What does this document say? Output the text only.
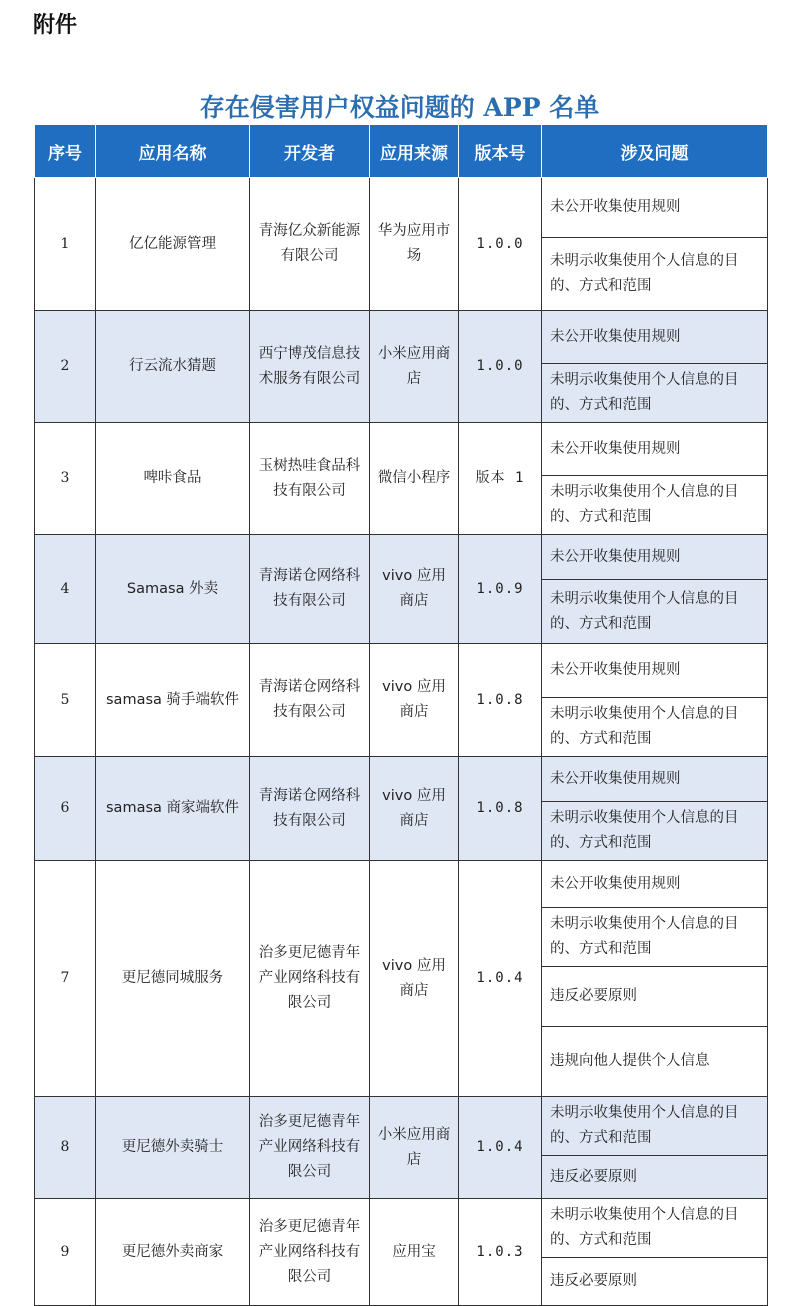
附件
存在侵害用户权益问题的 APP 名单
序号	应用名称	开发者	应用来源	版本号	涉及问题
1	亿亿能源管理	青海亿众新能源有限公司	华为应用市场	1.0.0	未公开收集使用规则
					未明示收集使用个人信息的目的、方式和范围
2	行云流水猜题	西宁博茂信息技术服务有限公司	小米应用商店	1.0.0	未公开收集使用规则
					未明示收集使用个人信息的目的、方式和范围
3	啤咔食品	玉树热哇食品科技有限公司	微信小程序	版本 1	未公开收集使用规则
					未明示收集使用个人信息的目的、方式和范围
4	Samasa 外卖	青海诺仓网络科技有限公司	vivo 应用商店	1.0.9	未公开收集使用规则
					未明示收集使用个人信息的目的、方式和范围
5	samasa 骑手端软件	青海诺仓网络科技有限公司	vivo 应用商店	1.0.8	未公开收集使用规则
					未明示收集使用个人信息的目的、方式和范围
6	samasa 商家端软件	青海诺仓网络科技有限公司	vivo 应用商店	1.0.8	未公开收集使用规则
					未明示收集使用个人信息的目的、方式和范围
7	更尼德同城服务	治多更尼德青年产业网络科技有限公司	vivo 应用商店	1.0.4	未公开收集使用规则
					未明示收集使用个人信息的目的、方式和范围
					违反必要原则
					违规向他人提供个人信息
8	更尼德外卖骑士	治多更尼德青年产业网络科技有限公司	小米应用商店	1.0.4	未明示收集使用个人信息的目的、方式和范围
					违反必要原则
9	更尼德外卖商家	治多更尼德青年产业网络科技有限公司	应用宝	1.0.3	未明示收集使用个人信息的目的、方式和范围
					违反必要原则
